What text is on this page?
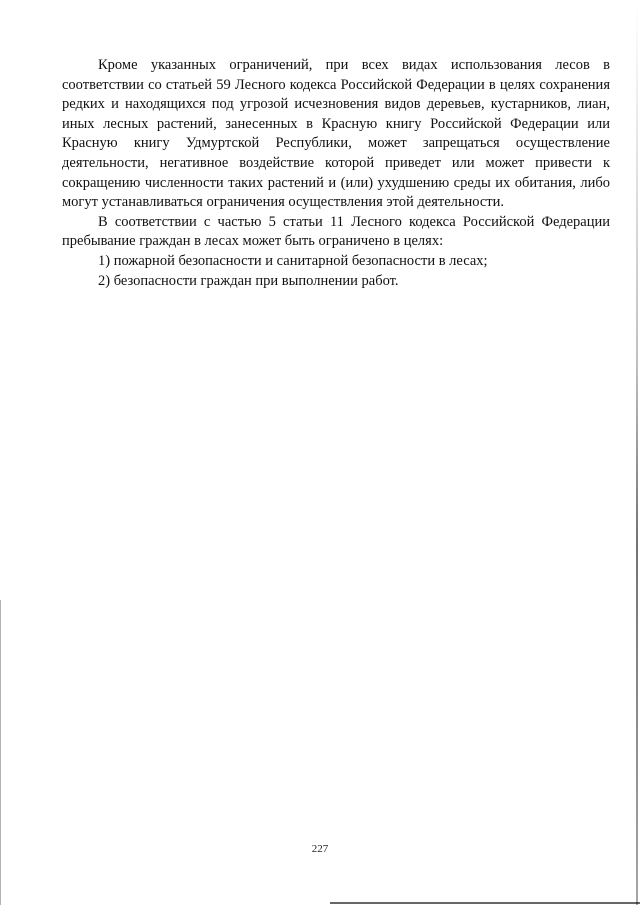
Кроме указанных ограничений, при всех видах использования лесов в соответствии со статьей 59 Лесного кодекса Российской Федерации в целях сохранения редких и находящихся под угрозой исчезновения видов деревьев, кустарников, лиан, иных лесных растений, занесенных в Красную книгу Российской Федерации или Красную книгу Удмуртской Республики, может запрещаться осуществление деятельности, негативное воздействие которой приведет или может привести к сокращению численности таких растений и (или) ухудшению среды их обитания, либо могут устанавливаться ограничения осуществления этой деятельности.

В соответствии с частью 5 статьи 11 Лесного кодекса Российской Федерации пребывание граждан в лесах может быть ограничено в целях:

1) пожарной безопасности и санитарной безопасности в лесах;

2) безопасности граждан при выполнении работ.

227
